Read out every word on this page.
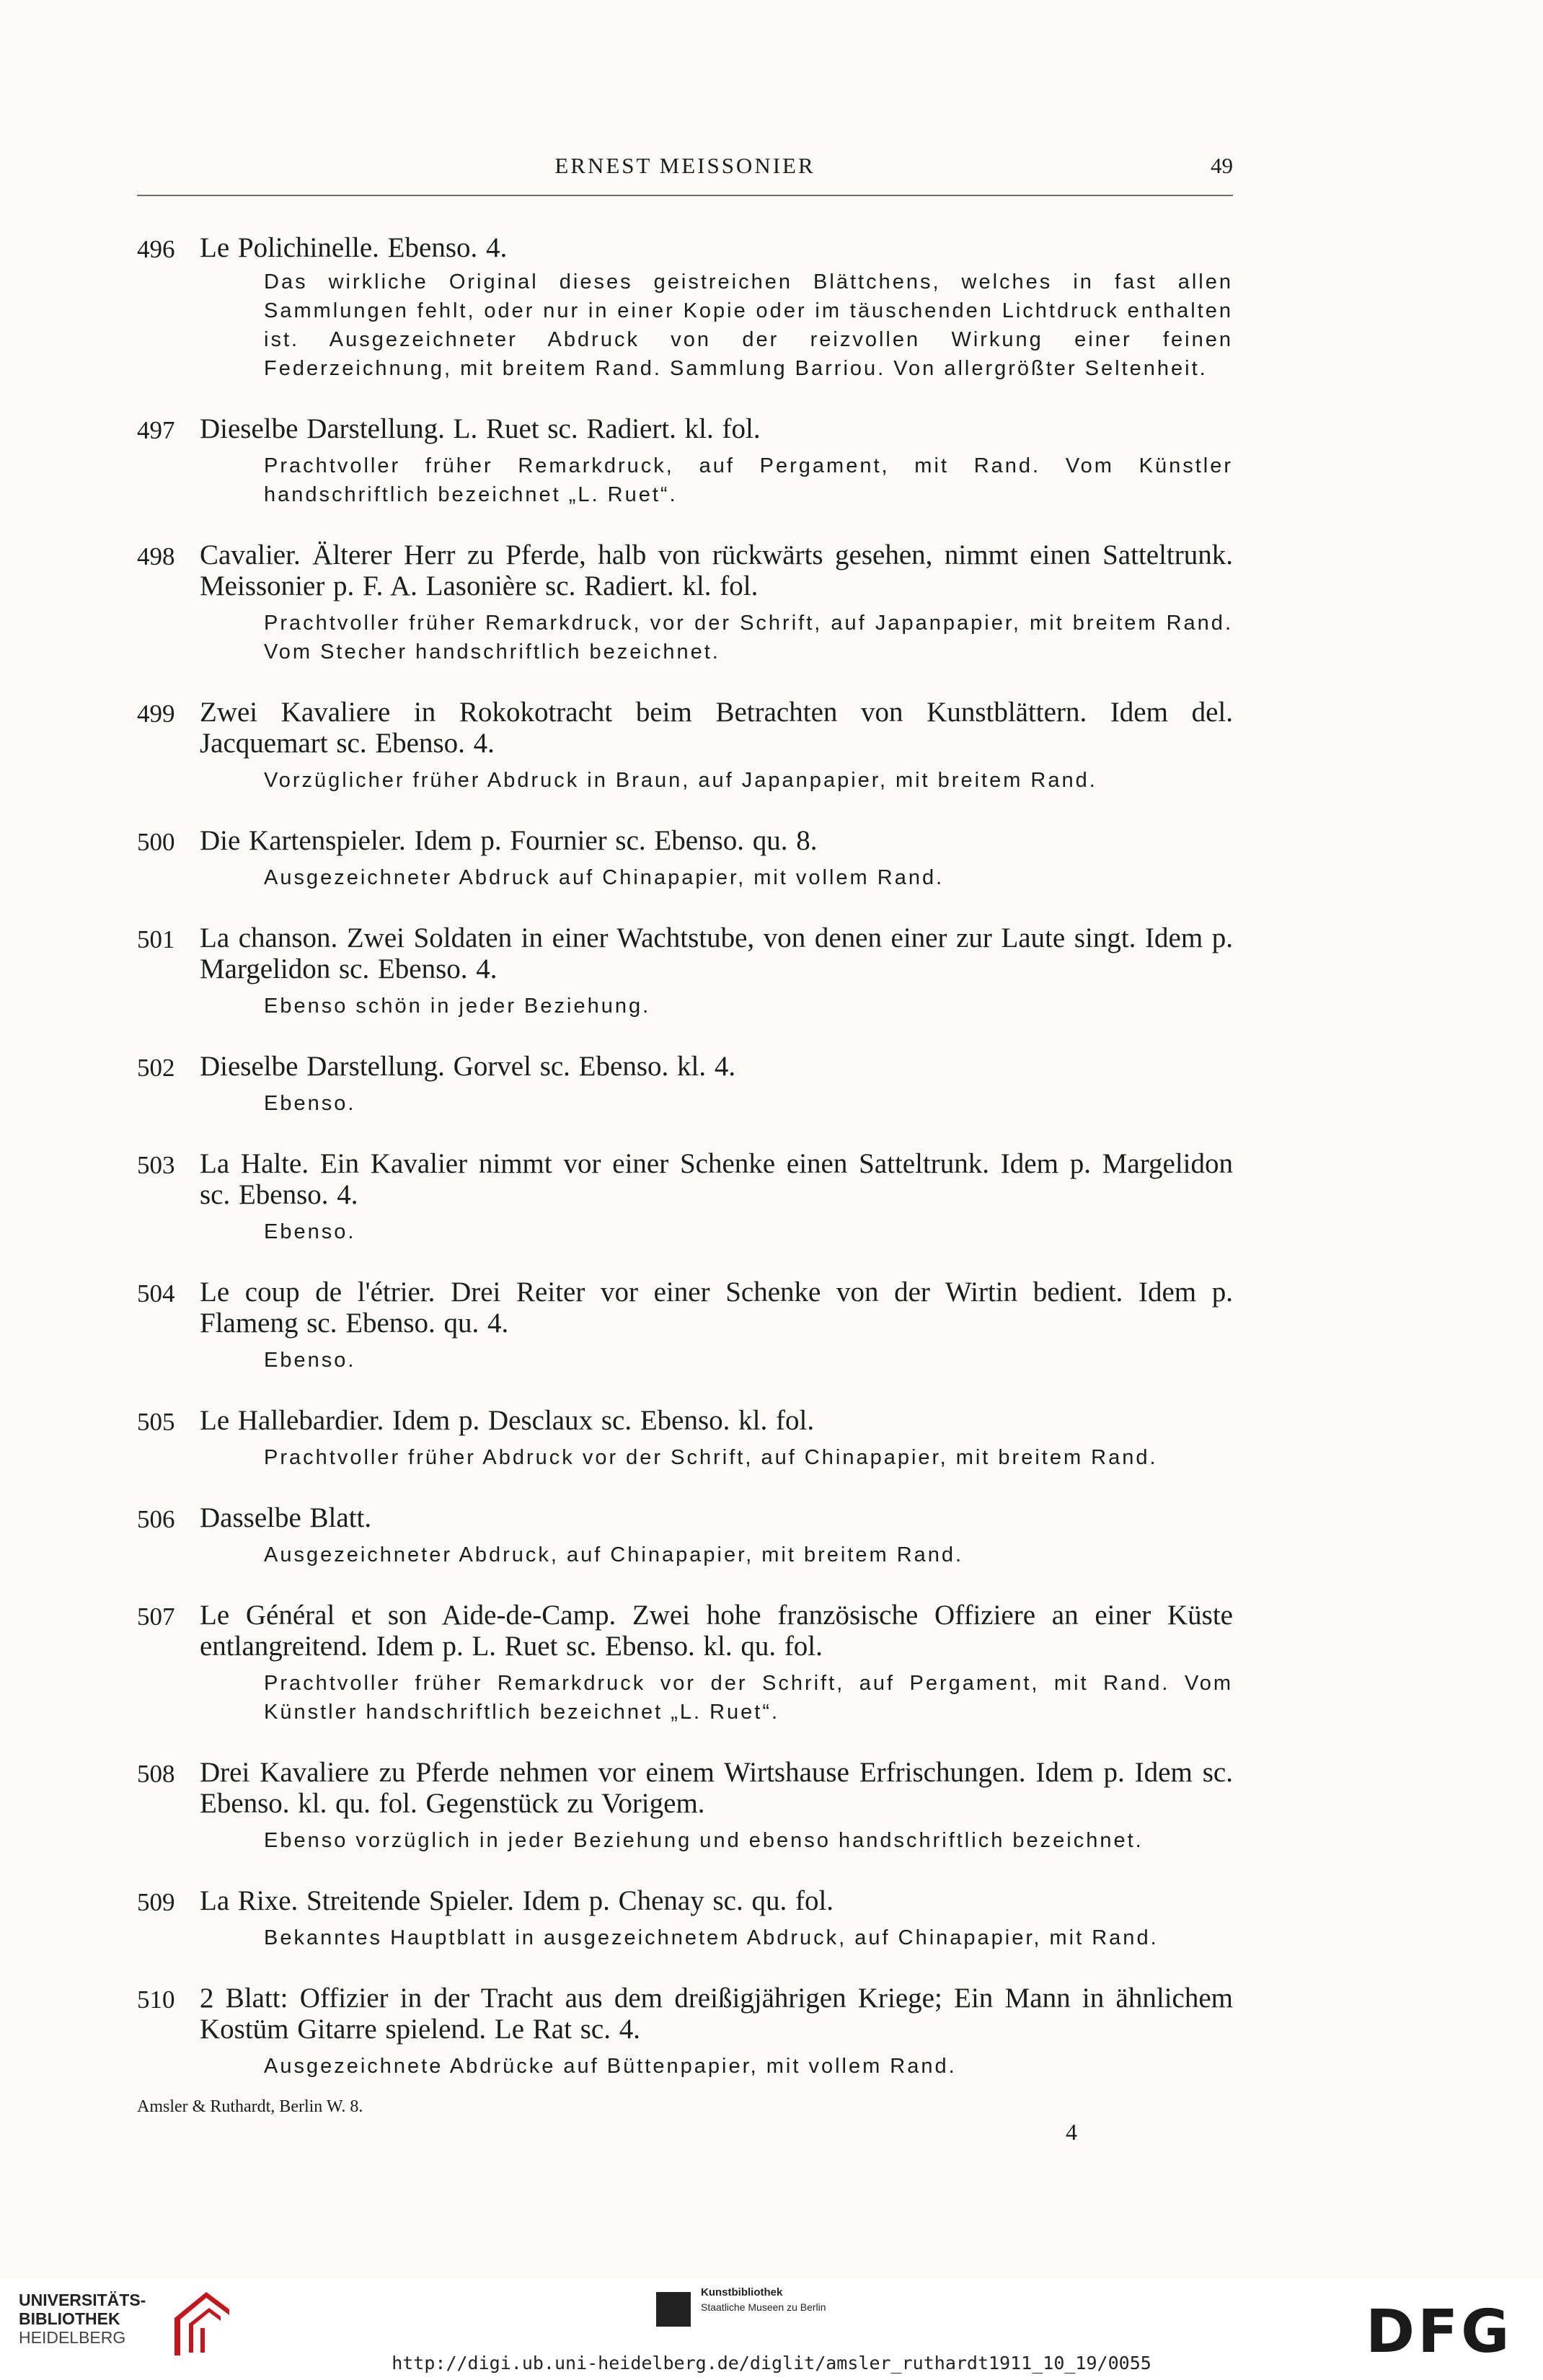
ERNEST MEISSONIER	49
496 Le Polichinelle. Ebenso. 4.
Das wirkliche Original dieses geistreichen Blättchens, welches in fast allen Sammlungen fehlt, oder nur in einer Kopie oder im täuschenden Lichtdruck enthalten ist. Ausgezeichneter Abdruck von der reizvollen Wirkung einer feinen Federzeichnung, mit breitem Rand. Sammlung Barriou. Von allergrößter Seltenheit.
497 Dieselbe Darstellung. L. Ruet sc. Radiert. kl. fol.
Prachtvoller früher Remarkdruck, auf Pergament, mit Rand. Vom Künstler handschriftlich bezeichnet „L. Ruet“.
498 Cavalier. Älterer Herr zu Pferde, halb von rückwärts gesehen, nimmt einen Satteltrunk. Meissonier p. F. A. Lasonière sc. Radiert. kl. fol.
Prachtvoller früher Remarkdruck, vor der Schrift, auf Japanpapier, mit breitem Rand. Vom Stecher handschriftlich bezeichnet.
499 Zwei Kavaliere in Rokokotracht beim Betrachten von Kunstblättern. Idem del. Jacquemart sc. Ebenso. 4.
Vorzüglicher früher Abdruck in Braun, auf Japanpapier, mit breitem Rand.
500 Die Kartenspieler. Idem p. Fournier sc. Ebenso. qu. 8.
Ausgezeichneter Abdruck auf Chinapapier, mit vollem Rand.
501 La chanson. Zwei Soldaten in einer Wachtstube, von denen einer zur Laute singt. Idem p. Margelidon sc. Ebenso. 4.
Ebenso schön in jeder Beziehung.
502 Dieselbe Darstellung. Gorvel sc. Ebenso. kl. 4.
Ebenso.
503 La Halte. Ein Kavalier nimmt vor einer Schenke einen Satteltrunk. Idem p. Margelidon sc. Ebenso. 4.
Ebenso.
504 Le coup de l'étrier. Drei Reiter vor einer Schenke von der Wirtin bedient. Idem p. Flameng sc. Ebenso. qu. 4.
Ebenso.
505 Le Hallebardier. Idem p. Desclaux sc. Ebenso. kl. fol.
Prachtvoller früher Abdruck vor der Schrift, auf Chinapapier, mit breitem Rand.
506 Dasselbe Blatt.
Ausgezeichneter Abdruck, auf Chinapapier, mit breitem Rand.
507 Le Général et son Aide-de-Camp. Zwei hohe französische Offiziere an einer Küste entlangreitend. Idem p. L. Ruet sc. Ebenso. kl. qu. fol.
Prachtvoller früher Remarkdruck vor der Schrift, auf Pergament, mit Rand. Vom Künstler handschriftlich bezeichnet „L. Ruet“.
508 Drei Kavaliere zu Pferde nehmen vor einem Wirtshause Erfrischungen. Idem p. Idem sc. Ebenso. kl. qu. fol. Gegenstück zu Vorigem.
Ebenso vorzüglich in jeder Beziehung und ebenso handschriftlich bezeichnet.
509 La Rixe. Streitende Spieler. Idem p. Chenay sc. qu. fol.
Bekanntes Hauptblatt in ausgezeichnetem Abdruck, auf Chinapapier, mit Rand.
510 2 Blatt: Offizier in der Tracht aus dem dreißigjährigen Kriege; Ein Mann in ähnlichem Kostüm Gitarre spielend. Le Rat sc. 4.
Ausgezeichnete Abdrücke auf Büttenpapier, mit vollem Rand.
Amsler & Ruthardt, Berlin W. 8.
4
UNIVERSITÄTS-
BIBLIOTHEK
HEIDELBERG
Kunstbibliothek
Staatliche Museen zu Berlin	DFG
http://digi.ub.uni-heidelberg.de/diglit/amsler_ruthardt1911_10_19/0055
